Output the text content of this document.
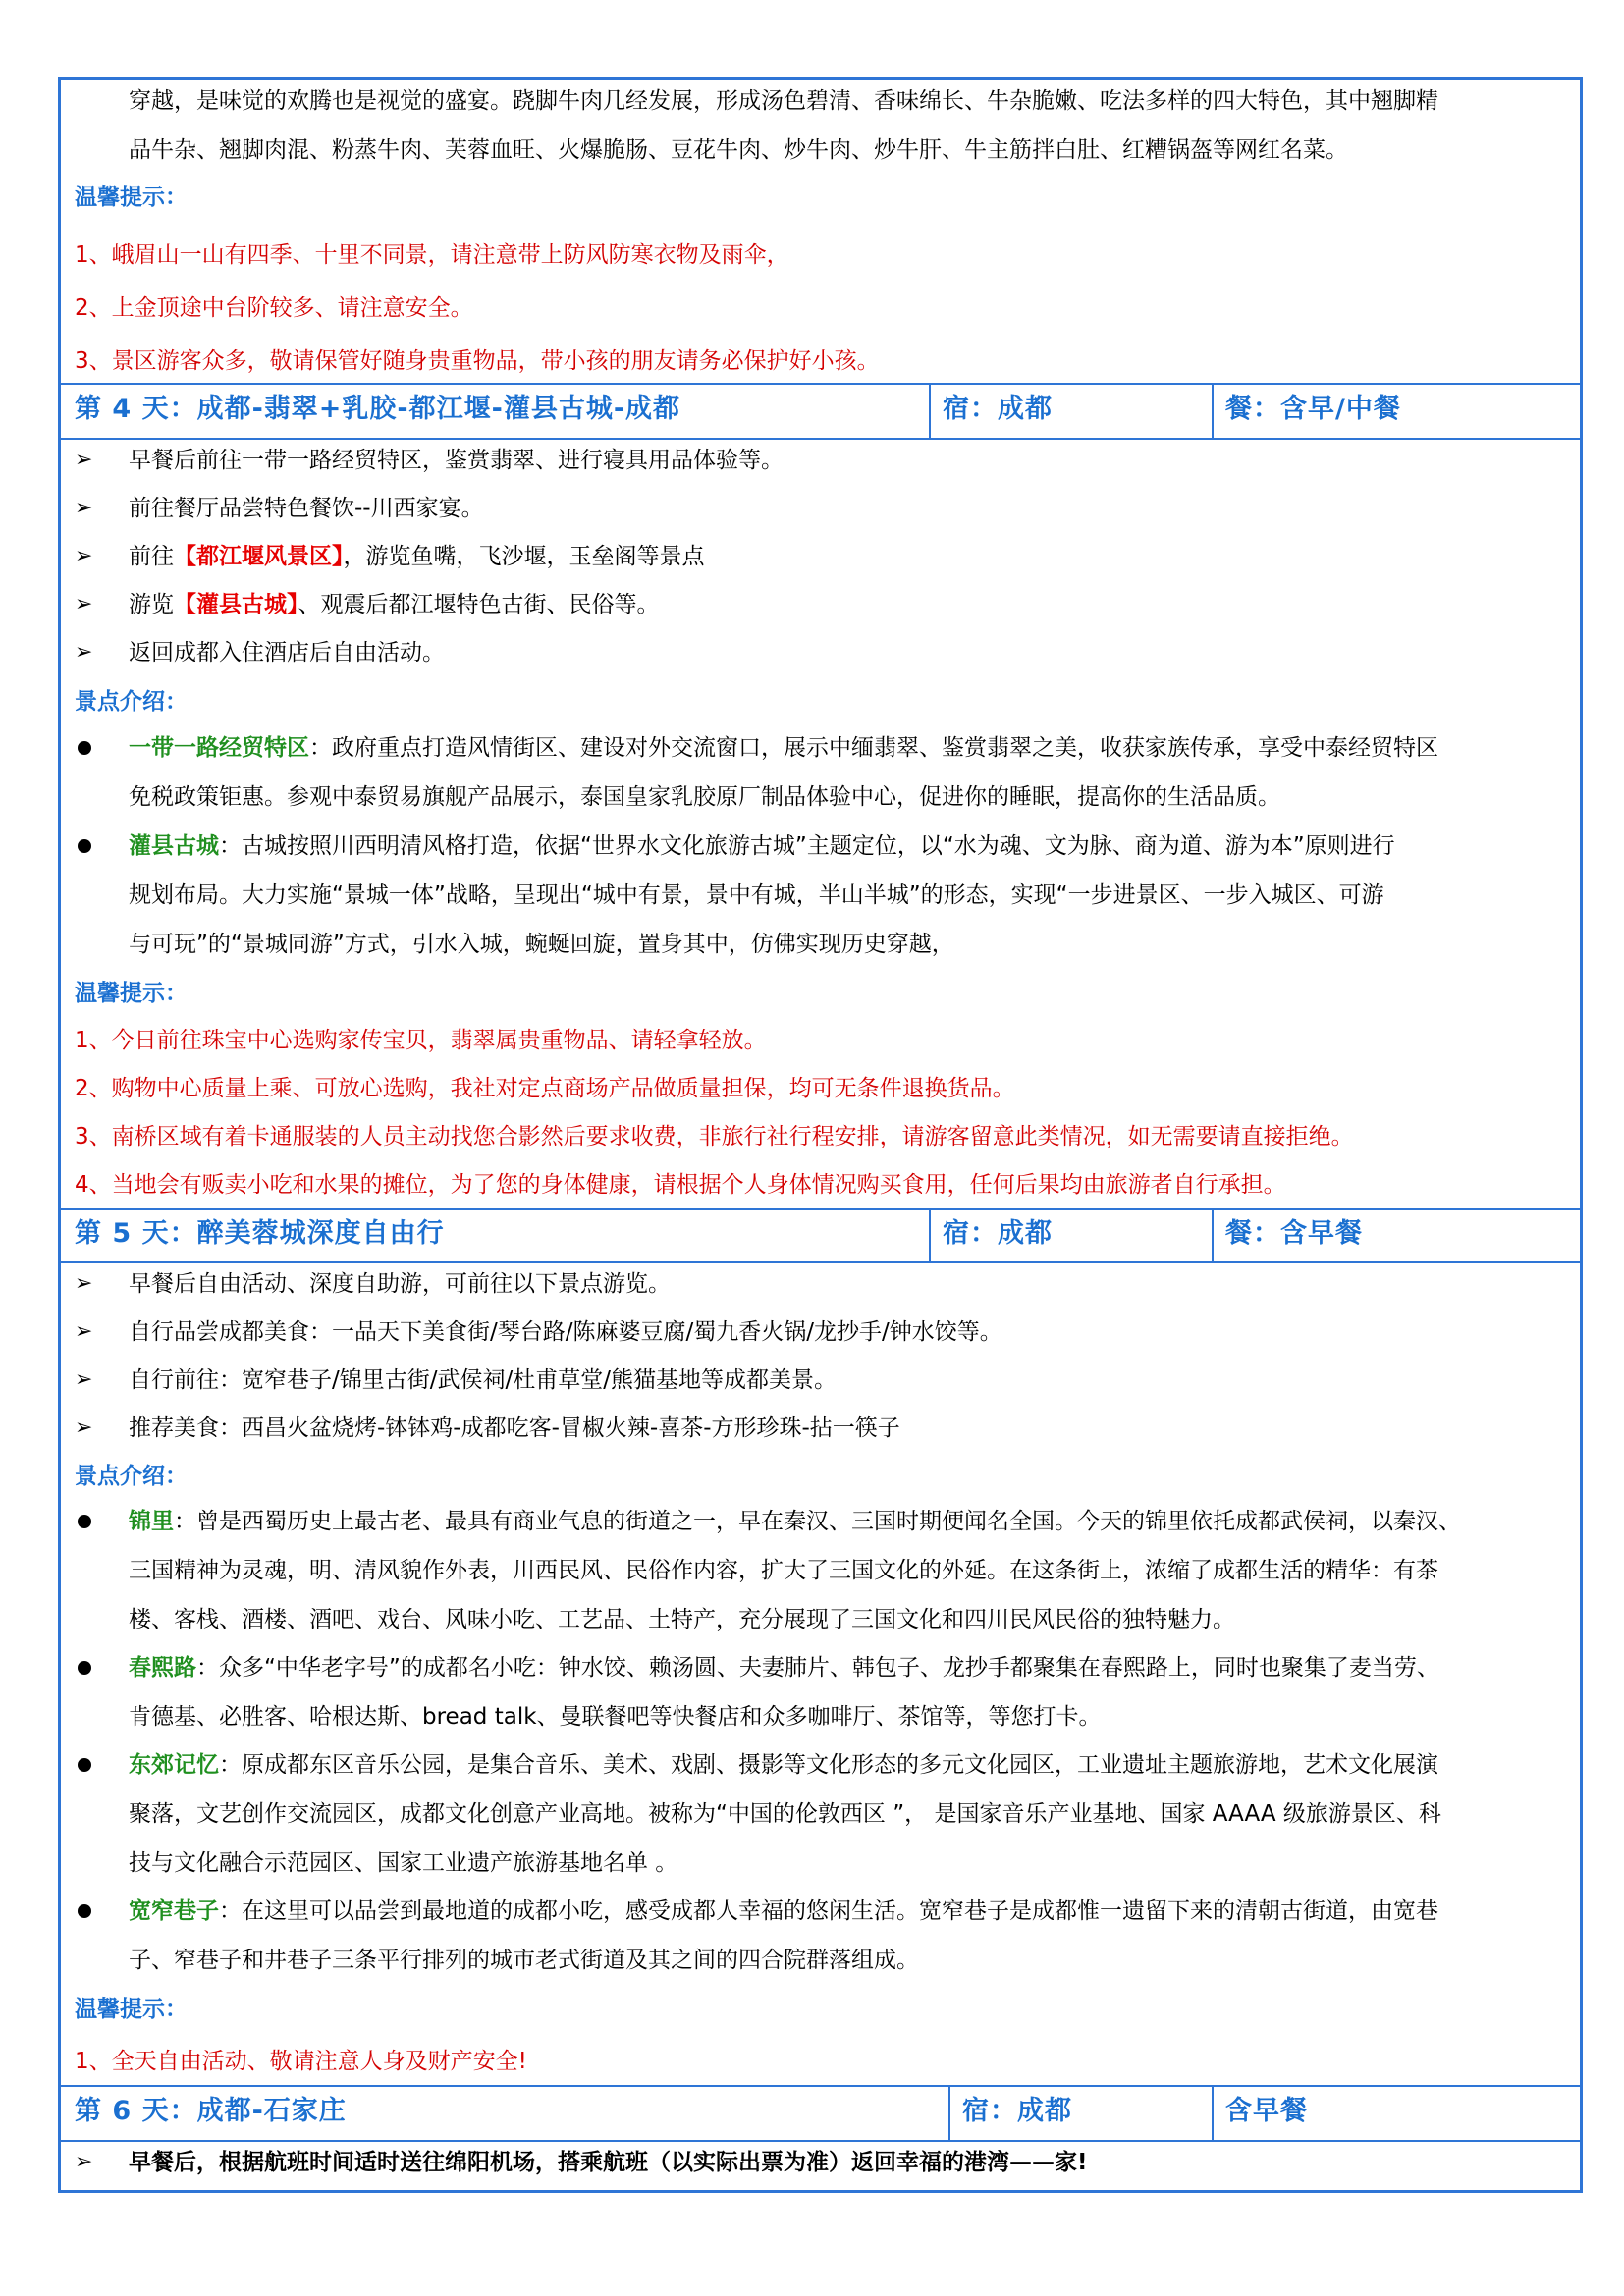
穿越，是味觉的欢腾也是视觉的盛宴。跷脚牛肉几经发展，形成汤色碧清、香味绵长、牛杂脆嫩、吃法多样的四大特色，其中翘脚精
品牛杂、翘脚肉混、粉蒸牛肉、芙蓉血旺、火爆脆肠、豆花牛肉、炒牛肉、炒牛肝、牛主筋拌白肚、红糟锅盔等网红名菜。
温馨提示：
1、峨眉山一山有四季、十里不同景，请注意带上防风防寒衣物及雨伞，
2、上金顶途中台阶较多、请注意安全。
3、景区游客众多，敬请保管好随身贵重物品，带小孩的朋友请务必保护好小孩。
第 4 天：成都-翡翠+乳胶-都江堰-灌县古城-成都	宿：成都	餐：含早/中餐
➢ 早餐后前往一带一路经贸特区，鉴赏翡翠、进行寝具用品体验等。
➢ 前往餐厅品尝特色餐饮--川西家宴。
➢ 前往【都江堰风景区】，游览鱼嘴，飞沙堰，玉垒阁等景点
➢ 游览【灌县古城】、观震后都江堰特色古街、民俗等。
➢ 返回成都入住酒店后自由活动。
景点介绍：
一带一路经贸特区：政府重点打造风情街区、建设对外交流窗口，展示中缅翡翠、鉴赏翡翠之美，收获家族传承，享受中泰经贸特区
免税政策钜惠。参观中泰贸易旗舰产品展示，泰国皇家乳胶原厂制品体验中心，促进你的睡眠，提高你的生活品质。
灌县古城：古城按照川西明清风格打造，依据“世界水文化旅游古城”主题定位，以“水为魂、文为脉、商为道、游为本”原则进行
规划布局。大力实施“景城一体”战略，呈现出“城中有景，景中有城，半山半城”的形态，实现“一步进景区、一步入城区、可游
与可玩”的“景城同游”方式，引水入城，蜿蜒回旋，置身其中，仿佛实现历史穿越，
温馨提示：
1、今日前往珠宝中心选购家传宝贝，翡翠属贵重物品、请轻拿轻放。
2、购物中心质量上乘、可放心选购，我社对定点商场产品做质量担保，均可无条件退换货品。
3、南桥区域有着卡通服装的人员主动找您合影然后要求收费，非旅行社行程安排，请游客留意此类情况，如无需要请直接拒绝。
4、当地会有贩卖小吃和水果的摊位，为了您的身体健康，请根据个人身体情况购买食用，任何后果均由旅游者自行承担。
第 5 天：醉美蓉城深度自由行	宿：成都	餐：含早餐
➢ 早餐后自由活动、深度自助游，可前往以下景点游览。
➢ 自行品尝成都美食：一品天下美食街/琴台路/陈麻婆豆腐/蜀九香火锅/龙抄手/钟水饺等。
➢ 自行前往：宽窄巷子/锦里古街/武侯祠/杜甫草堂/熊猫基地等成都美景。
➢ 推荐美食：西昌火盆烧烤-钵钵鸡-成都吃客-冒椒火辣-喜茶-方形珍珠-拈一筷子
景点介绍：
锦里：曾是西蜀历史上最古老、最具有商业气息的街道之一，早在秦汉、三国时期便闻名全国。今天的锦里依托成都武侯祠，以秦汉、
三国精神为灵魂，明、清风貌作外表，川西民风、民俗作内容，扩大了三国文化的外延。在这条街上，浓缩了成都生活的精华：有茶
楼、客栈、酒楼、酒吧、戏台、风味小吃、工艺品、土特产，充分展现了三国文化和四川民风民俗的独特魅力。
春熙路：众多“中华老字号”的成都名小吃：钟水饺、赖汤圆、夫妻肺片、韩包子、龙抄手都聚集在春熙路上，同时也聚集了麦当劳、
肯德基、必胜客、哈根达斯、bread talk、曼联餐吧等快餐店和众多咖啡厅、茶馆等，等您打卡。
东郊记忆：原成都东区音乐公园，是集合音乐、美术、戏剧、摄影等文化形态的多元文化园区，工业遗址主题旅游地，艺术文化展演
聚落，文艺创作交流园区，成都文化创意产业高地。被称为“中国的伦敦西区 ”， 是国家音乐产业基地、国家 AAAA 级旅游景区、科
技与文化融合示范园区、国家工业遗产旅游基地名单 。
宽窄巷子：在这里可以品尝到最地道的成都小吃，感受成都人幸福的悠闲生活。宽窄巷子是成都惟一遗留下来的清朝古街道，由宽巷
子、窄巷子和井巷子三条平行排列的城市老式街道及其之间的四合院群落组成。
温馨提示：
1、全天自由活动、敬请注意人身及财产安全!
第 6 天：成都-石家庄	宿：成都	含早餐
➢ 早餐后，根据航班时间适时送往绵阳机场，搭乘航班（以实际出票为准）返回幸福的港湾——家!
